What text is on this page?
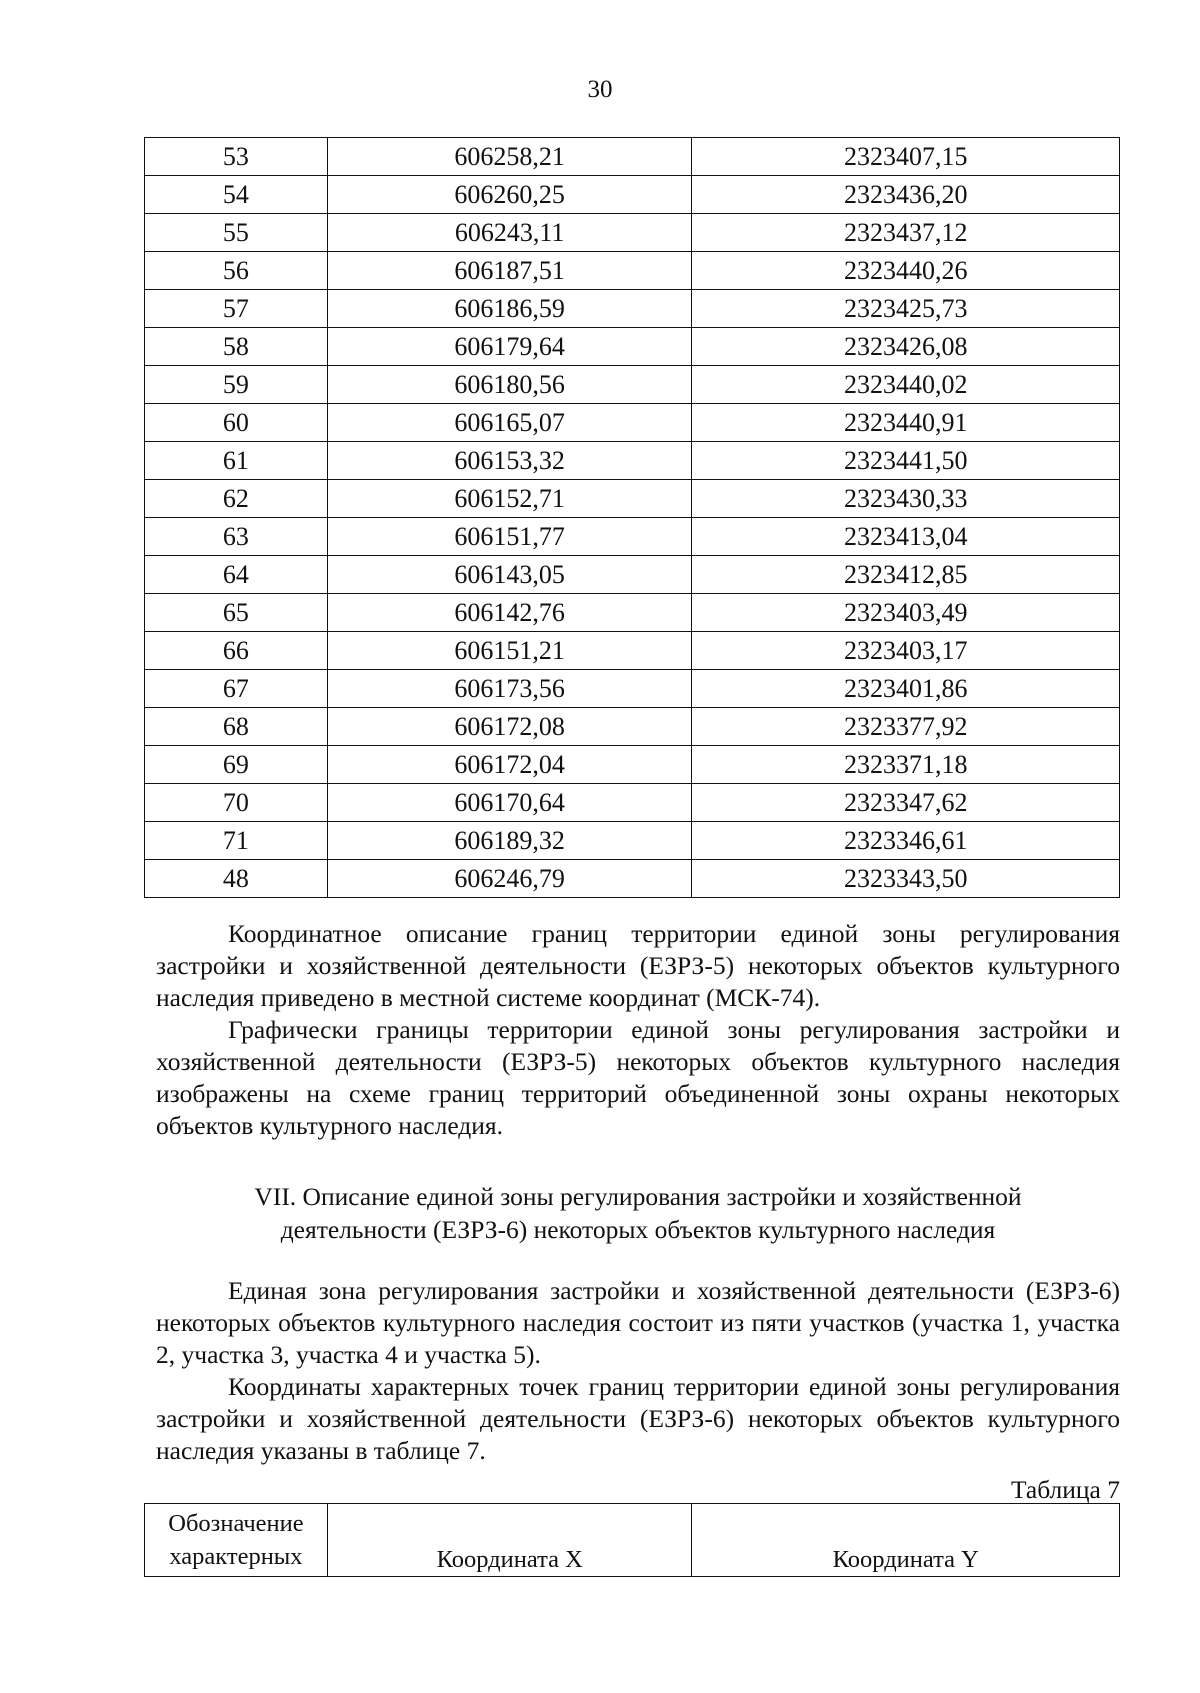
30
53	606258,21	2323407,15
54	606260,25	2323436,20
55	606243,11	2323437,12
56	606187,51	2323440,26
57	606186,59	2323425,73
58	606179,64	2323426,08
59	606180,56	2323440,02
60	606165,07	2323440,91
61	606153,32	2323441,50
62	606152,71	2323430,33
63	606151,77	2323413,04
64	606143,05	2323412,85
65	606142,76	2323403,49
66	606151,21	2323403,17
67	606173,56	2323401,86
68	606172,08	2323377,92
69	606172,04	2323371,18
70	606170,64	2323347,62
71	606189,32	2323346,61
48	606246,79	2323343,50

Координатное описание границ территории единой зоны регулирования застройки и хозяйственной деятельности (ЕЗРЗ-5) некоторых объектов культурного наследия приведено в местной системе координат (МСК-74).

Графически границы территории единой зоны регулирования застройки и хозяйственной деятельности (ЕЗРЗ-5) некоторых объектов культурного наследия изображены на схеме границ территорий объединенной зоны охраны некоторых объектов культурного наследия.

VII. Описание единой зоны регулирования застройки и хозяйственной
деятельности (ЕЗРЗ-6) некоторых объектов культурного наследия

Единая зона регулирования застройки и хозяйственной деятельности (ЕЗРЗ-6) некоторых объектов культурного наследия состоит из пяти участков (участка 1, участка 2, участка 3, участка 4 и участка 5).

Координаты характерных точек границ территории единой зоны регулирования застройки и хозяйственной деятельности (ЕЗРЗ-6) некоторых объектов культурного наследия указаны в таблице 7.

Таблица 7
Обозначение
характерных	Координата X	Координата Y
